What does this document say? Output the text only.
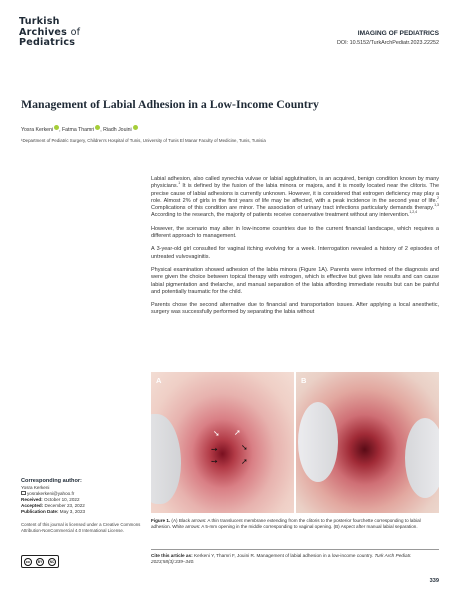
Turkish
Archives of
Pediatrics
IMAGING OF PEDIATRICS
DOI: 10.5152/TurkArchPediatr.2023.22252
Management of Labial Adhesion in a Low-Income Country
Yosra Kerkeni , Fatma Thamri , Riadh Jouini
¹Department of Pediatric Surgery, Children's Hospital of Tunis, University of Tunis El Manar Faculty of Medicine, Tunis, Tunisia

Labial adhesion, also called synechia vulvae or labial agglutination, is an acquired, benign condition known by many physicians.$^1$ It is defined by the fusion of the labia minora or majora, and it is mostly located near the clitoris. The precise cause of labial adhesions is currently unknown. However, it is considered that estrogen deficiency may play a role. Almost 2% of girls in the first years of life may be affected, with a peak incidence in the second year of life.$^2$ Complications of this condition are minor. The association of urinary tract infections particularly demands therapy.$^{1,3}$ According to the research, the majority of patients receive conservative treatment without any intervention.$^{1,2,4}$

However, the scenario may alter in low-income countries due to the current financial landscape, which requires a different approach to management.

A 3-year-old girl consulted for vaginal itching evolving for a week. Interrogation revealed a history of 2 episodes of untreated vulvovaginitis.

Physical examination showed adhesion of the labia minora (Figure 1A). Parents were informed of the diagnosis and were given the choice between topical therapy with estrogen, which is effective but gives late results and can cause labial pigmentation and thelarche, and manual separation of the labia affording immediate results but can be painful and potentially traumatic for the child.

Parents chose the second alternative due to financial and transportation issues. After applying a local anesthetic, surgery was successfully performed by separating the labia without

A
➘ ➚
➙
➙
➘
➚
B
Figure 1. (A) Black arrows: A thin translucent membrane extending from the clitoris to the posterior fourchette corresponding to labial adhesion. White arrows: A 5-mm opening in the middle corresponding to vaginal opening. (B) Aspect after manual labial separation.
Cite this article as: Kerkeni Y, Thamri F, Jouini R. Management of labial adhesion in a low-income country. Turk Arch Pediatr. 2023;58(3):339–340.
Corresponding author:
Yosra Kerkeni
yosrakerkeni@yahoo.fr
Received: October 10, 2022
Accepted: December 23, 2022
Publication Date: May 3, 2023
Content of this journal is licensed under a Creative Commons Attribution-NonCommercial 4.0 International License.
cc	BY	NC
339
